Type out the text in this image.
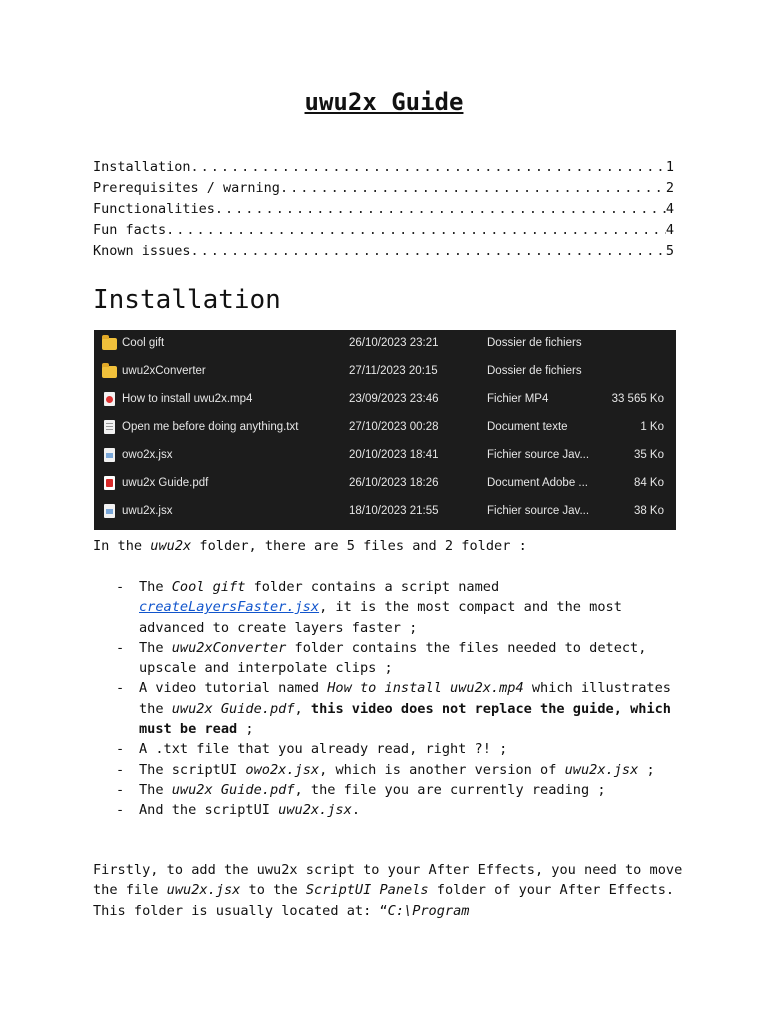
uwu2x Guide
Installation .....	1
Prerequisites / warning .....	2
Functionalities .....	4
Fun facts .....	4
Known issues .....	5
Installation
Cool gift	26/10/2023 23:21	Dossier de fichiers
uwu2xConverter	27/11/2023 20:15	Dossier de fichiers
How to install uwu2x.mp4	23/09/2023 23:46	Fichier MP4	33 565 Ko
Open me before doing anything.txt	27/10/2023 00:28	Document texte	1 Ko
owo2x.jsx	20/10/2023 18:41	Fichier source Jav...	35 Ko
uwu2x Guide.pdf	26/10/2023 18:26	Document Adobe ...	84 Ko
uwu2x.jsx	18/10/2023 21:55	Fichier source Jav...	38 Ko
In the uwu2x folder, there are 5 files and 2 folder :
- The Cool gift folder contains a script named createLayersFaster.jsx, it is the most compact and the most advanced to create layers faster ;
- The uwu2xConverter folder contains the files needed to detect, upscale and interpolate clips ;
- A video tutorial named How to install uwu2x.mp4 which illustrates the uwu2x Guide.pdf, this video does not replace the guide, which must be read ;
- A .txt file that you already read, right ?! ;
- The scriptUI owo2x.jsx, which is another version of uwu2x.jsx ;
- The uwu2x Guide.pdf, the file you are currently reading ;
- And the scriptUI uwu2x.jsx.
Firstly, to add the uwu2x script to your After Effects, you need to move the file uwu2x.jsx to the ScriptUI Panels folder of your After Effects. This folder is usually located at: “C:\Program
